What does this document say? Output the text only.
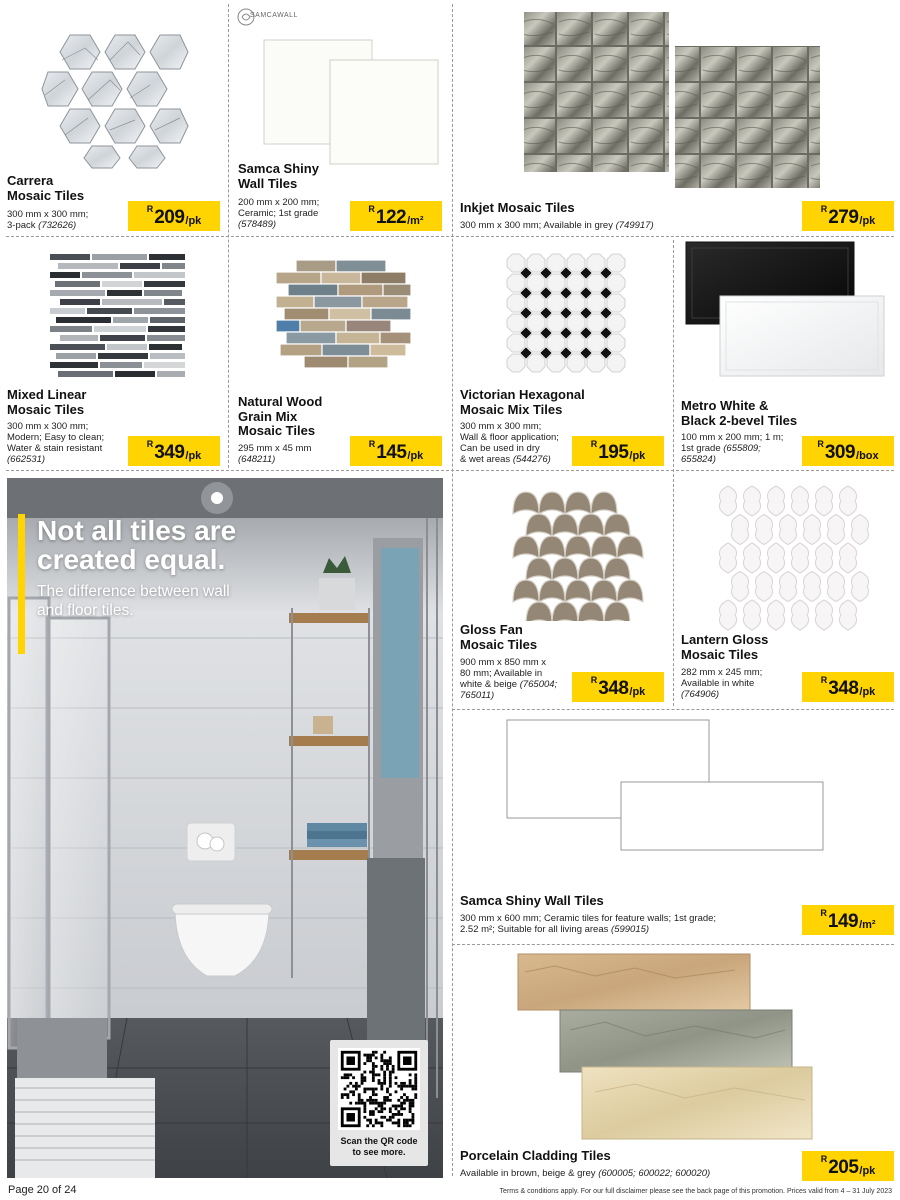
Carrera
Mosaic Tiles
300 mm x 300 mm;
3-pack (732626)
R 209 /pk
SAMCAWALL
Samca Shiny
Wall Tiles
200 mm x 200 mm;
Ceramic; 1st grade
(578489)
R 122 /m²
Inkjet Mosaic Tiles
300 mm x 300 mm; Available in grey (749917)
R 279 /pk
Mixed Linear
Mosaic Tiles
300 mm x 300 mm;
Modern; Easy to clean;
Water & stain resistant
(662531)
R 349 /pk
Natural Wood
Grain Mix
Mosaic Tiles
295 mm x 45 mm
(648211)
R 145 /pk
Victorian Hexagonal
Mosaic Mix Tiles
300 mm x 300 mm;
Wall & floor application;
Can be used in dry
& wet areas (544276)
R 195 /pk
Metro White &
Black 2-bevel Tiles
100 mm x 200 mm; 1 m;
1st grade (655809;
655824)
R 309 /box
Not all tiles are
created equal.
The difference between wall
and floor tiles.
Scan the QR code
to see more.
Gloss Fan
Mosaic Tiles
900 mm x 850 mm x
80 mm; Available in
white & beige (765004;
765011)
R 348 /pk
Lantern Gloss
Mosaic Tiles
282 mm x 245 mm;
Available in white
(764906)
R 348 /pk
Samca Shiny Wall Tiles
300 mm x 600 mm; Ceramic tiles for feature walls; 1st grade;
2.52 m²; Suitable for all living areas (599015)
R 149 /m²
Porcelain Cladding Tiles
Available in brown, beige & grey (600005; 600022; 600020)
R 205 /pk
Page 20 of 24	Terms & conditions apply. For our full disclaimer please see the back page of this promotion. Prices valid from 4 – 31 July 2023
